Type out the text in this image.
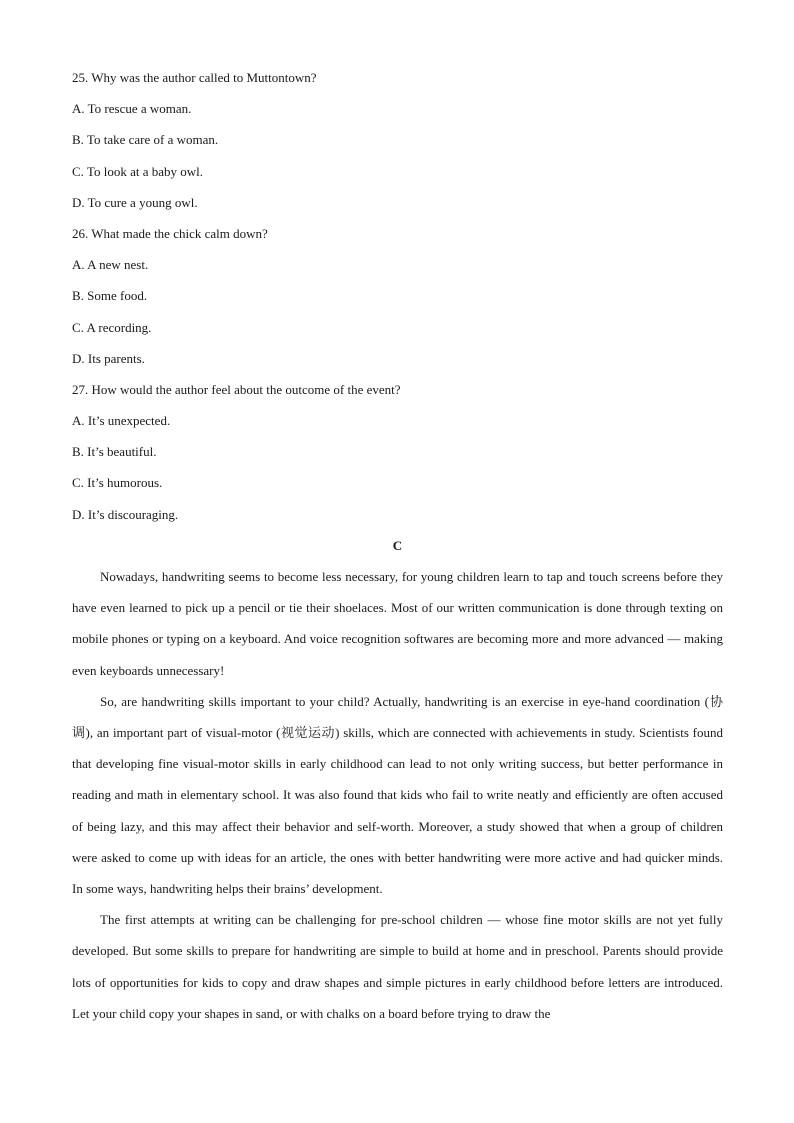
25. Why was the author called to Muttontown?
A. To rescue a woman.
B. To take care of a woman.
C. To look at a baby owl.
D. To cure a young owl.
26. What made the chick calm down?
A. A new nest.
B. Some food.
C. A recording.
D. Its parents.
27. How would the author feel about the outcome of the event?
A. It’s unexpected.
B. It’s beautiful.
C. It’s humorous.
D. It’s discouraging.
C

Nowadays, handwriting seems to become less necessary, for young children learn to tap and touch screens before they have even learned to pick up a pencil or tie their shoelaces. Most of our written communication is done through texting on mobile phones or typing on a keyboard. And voice recognition softwares are becoming more and more advanced — making even keyboards unnecessary!

So, are handwriting skills important to your child? Actually, handwriting is an exercise in eye-hand coordination (协调), an important part of visual-motor (视觉运动) skills, which are connected with achievements in study. Scientists found that developing fine visual-motor skills in early childhood can lead to not only writing success, but better performance in reading and math in elementary school. It was also found that kids who fail to write neatly and efficiently are often accused of being lazy, and this may affect their behavior and self-worth. Moreover, a study showed that when a group of children were asked to come up with ideas for an article, the ones with better handwriting were more active and had quicker minds. In some ways, handwriting helps their brains’ development.

The first attempts at writing can be challenging for pre-school children — whose fine motor skills are not yet fully developed. But some skills to prepare for handwriting are simple to build at home and in preschool. Parents should provide lots of opportunities for kids to copy and draw shapes and simple pictures in early childhood before letters are introduced. Let your child copy your shapes in sand, or with chalks on a board before trying to draw the
